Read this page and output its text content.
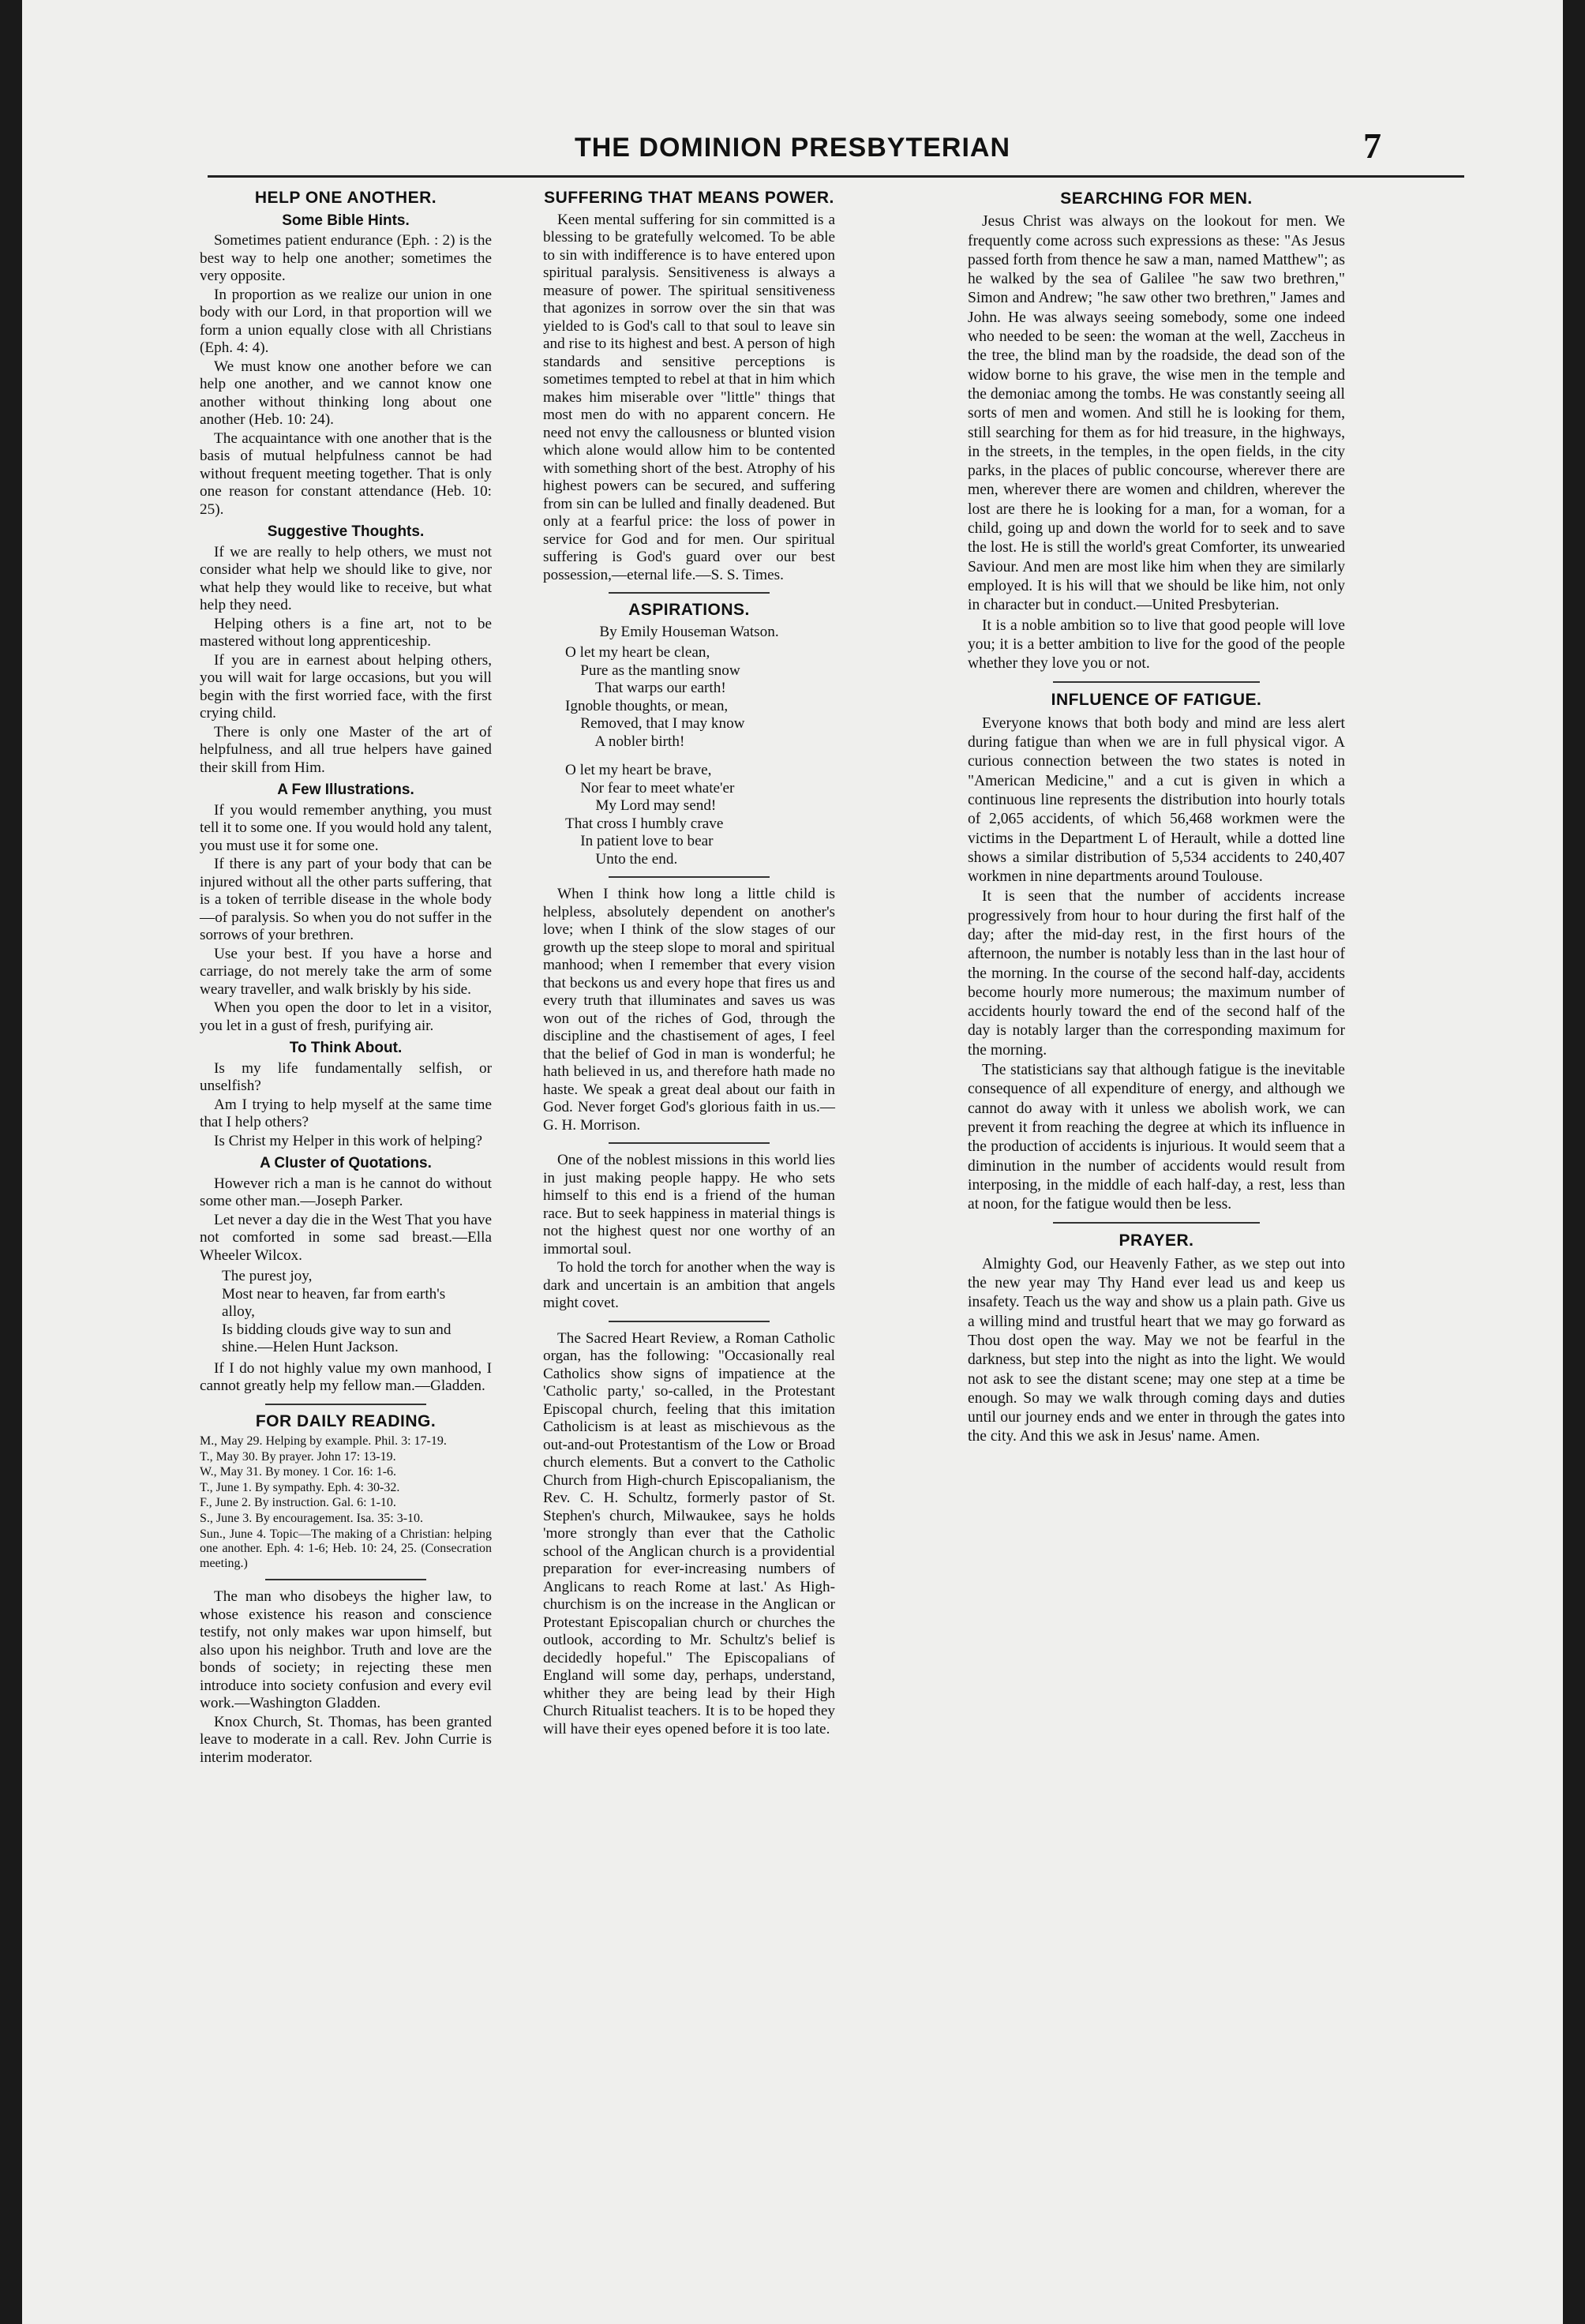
THE DOMINION PRESBYTERIAN	7
HELP ONE ANOTHER.
Some Bible Hints.

Sometimes patient endurance (Eph. : 2) is the best way to help one another; sometimes the very opposite.

In proportion as we realize our union in one body with our Lord, in that proportion will we form a union equally close with all Christians (Eph. 4: 4).

We must know one another before we can help one another, and we cannot know one another without thinking long about one another (Heb. 10: 24).

The acquaintance with one another that is the basis of mutual helpfulness cannot be had without frequent meeting together. That is only one reason for constant attendance (Heb. 10: 25).

Suggestive Thoughts.

If we are really to help others, we must not consider what help we should like to give, nor what help they would like to receive, but what help they need.

Helping others is a fine art, not to be mastered without long apprenticeship.

If you are in earnest about helping others, you will wait for large occasions, but you will begin with the first worried face, with the first crying child.

There is only one Master of the art of helpfulness, and all true helpers have gained their skill from Him.

A Few Illustrations.

If you would remember anything, you must tell it to some one. If you would hold any talent, you must use it for some one.

If there is any part of your body that can be injured without all the other parts suffering, that is a token of terrible disease in the whole body—of paralysis. So when you do not suffer in the sorrows of your brethren.

Use your best. If you have a horse and carriage, do not merely take the arm of some weary traveller, and walk briskly by his side.

When you open the door to let in a visitor, you let in a gust of fresh, purifying air.

To Think About.

Is my life fundamentally selfish, or unselfish?

Am I trying to help myself at the same time that I help others?

Is Christ my Helper in this work of helping?

A Cluster of Quotations.

However rich a man is he cannot do without some other man.—Joseph Parker.

Let never a day die in the West That you have not comforted in some sad breast.—Ella Wheeler Wilcox.

The purest joy,
Most near to heaven, far from earth's
alloy,
Is bidding clouds give way to sun and
shine.—Helen Hunt Jackson.

If I do not highly value my own manhood, I cannot greatly help my fellow man.—Gladden.

FOR DAILY READING.

M., May 29. Helping by example. Phil. 3: 17-19.

T., May 30. By prayer. John 17: 13-19.

W., May 31. By money. 1 Cor. 16: 1-6.

T., June 1. By sympathy. Eph. 4: 30-32.

F., June 2. By instruction. Gal. 6: 1-10.

S., June 3. By encouragement. Isa. 35: 3-10.

Sun., June 4. Topic—The making of a Christian: helping one another. Eph. 4: 1-6; Heb. 10: 24, 25. (Consecration meeting.)

The man who disobeys the higher law, to whose existence his reason and conscience testify, not only makes war upon himself, but also upon his neighbor. Truth and love are the bonds of society; in rejecting these men introduce into society confusion and every evil work.—Washington Gladden.

Knox Church, St. Thomas, has been granted leave to moderate in a call. Rev. John Currie is interim moderator.

SUFFERING THAT MEANS POWER.

Keen mental suffering for sin committed is a blessing to be gratefully welcomed. To be able to sin with indifference is to have entered upon spiritual paralysis. Sensitiveness is always a measure of power. The spiritual sensitiveness that agonizes in sorrow over the sin that was yielded to is God's call to that soul to leave sin and rise to its highest and best. A person of high standards and sensitive perceptions is sometimes tempted to rebel at that in him which makes him miserable over "little" things that most men do with no apparent concern. He need not envy the callousness or blunted vision which alone would allow him to be contented with something short of the best. Atrophy of his highest powers can be secured, and suffering from sin can be lulled and finally deadened. But only at a fearful price: the loss of power in service for God and for men. Our spiritual suffering is God's guard over our best possession,—eternal life.—S. S. Times.

ASPIRATIONS.
By Emily Houseman Watson.
O let my heart be clean,
Pure as the mantling snow
That warps our earth!
Ignoble thoughts, or mean,
Removed, that I may know
A nobler birth!
O let my heart be brave,
Nor fear to meet whate'er
My Lord may send!
That cross I humbly crave
In patient love to bear
Unto the end.

When I think how long a little child is helpless, absolutely dependent on another's love; when I think of the slow stages of our growth up the steep slope to moral and spiritual manhood; when I remember that every vision that beckons us and every hope that fires us and every truth that illuminates and saves us was won out of the riches of God, through the discipline and the chastisement of ages, I feel that the belief of God in man is wonderful; he hath believed in us, and therefore hath made no haste. We speak a great deal about our faith in God. Never forget God's glorious faith in us.—G. H. Morrison.

One of the noblest missions in this world lies in just making people happy. He who sets himself to this end is a friend of the human race. But to seek happiness in material things is not the highest quest nor one worthy of an immortal soul.

To hold the torch for another when the way is dark and uncertain is an ambition that angels might covet.

The Sacred Heart Review, a Roman Catholic organ, has the following: "Occasionally real Catholics show signs of impatience at the 'Catholic party,' so-called, in the Protestant Episcopal church, feeling that this imitation Catholicism is at least as mischievous as the out-and-out Protestantism of the Low or Broad church elements. But a convert to the Catholic Church from High-church Episcopalianism, the Rev. C. H. Schultz, formerly pastor of St. Stephen's church, Milwaukee, says he holds 'more strongly than ever that the Catholic school of the Anglican church is a providential preparation for ever-increasing numbers of Anglicans to reach Rome at last.' As High-churchism is on the increase in the Anglican or Protestant Episcopalian church or churches the outlook, according to Mr. Schultz's belief is decidedly hopeful." The Episcopalians of England will some day, perhaps, understand, whither they are being lead by their High Church Ritualist teachers. It is to be hoped they will have their eyes opened before it is too late.

SEARCHING FOR MEN.

Jesus Christ was always on the lookout for men. We frequently come across such expressions as these: "As Jesus passed forth from thence he saw a man, named Matthew"; as he walked by the sea of Galilee "he saw two brethren," Simon and Andrew; "he saw other two brethren," James and John. He was always seeing somebody, some one indeed who needed to be seen: the woman at the well, Zaccheus in the tree, the blind man by the roadside, the dead son of the widow borne to his grave, the wise men in the temple and the demoniac among the tombs. He was constantly seeing all sorts of men and women. And still he is looking for them, still searching for them as for hid treasure, in the highways, in the streets, in the temples, in the open fields, in the city parks, in the places of public concourse, wherever there are men, wherever there are women and children, wherever the lost are there he is looking for a man, for a woman, for a child, going up and down the world for to seek and to save the lost. He is still the world's great Comforter, its unwearied Saviour. And men are most like him when they are similarly employed. It is his will that we should be like him, not only in character but in conduct.—United Presbyterian.

It is a noble ambition so to live that good people will love you; it is a better ambition to live for the good of the people whether they love you or not.

INFLUENCE OF FATIGUE.

Everyone knows that both body and mind are less alert during fatigue than when we are in full physical vigor. A curious connection between the two states is noted in "American Medicine," and a cut is given in which a continuous line represents the distribution into hourly totals of 2,065 accidents, of which 56,468 workmen were the victims in the Department L of Herault, while a dotted line shows a similar distribution of 5,534 accidents to 240,407 workmen in nine departments around Toulouse.

It is seen that the number of accidents increase progressively from hour to hour during the first half of the day; after the mid-day rest, in the first hours of the afternoon, the number is notably less than in the last hour of the morning. In the course of the second half-day, accidents become hourly more numerous; the maximum number of accidents hourly toward the end of the second half of the day is notably larger than the corresponding maximum for the morning.

The statisticians say that although fatigue is the inevitable consequence of all expenditure of energy, and although we cannot do away with it unless we abolish work, we can prevent it from reaching the degree at which its influence in the production of accidents is injurious. It would seem that a diminution in the number of accidents would result from interposing, in the middle of each half-day, a rest, less than at noon, for the fatigue would then be less.

PRAYER.

Almighty God, our Heavenly Father, as we step out into the new year may Thy Hand ever lead us and keep us insafety. Teach us the way and show us a plain path. Give us a willing mind and trustful heart that we may go forward as Thou dost open the way. May we not be fearful in the darkness, but step into the night as into the light. We would not ask to see the distant scene; may one step at a time be enough. So may we walk through coming days and duties until our journey ends and we enter in through the gates into the city. And this we ask in Jesus' name. Amen.
